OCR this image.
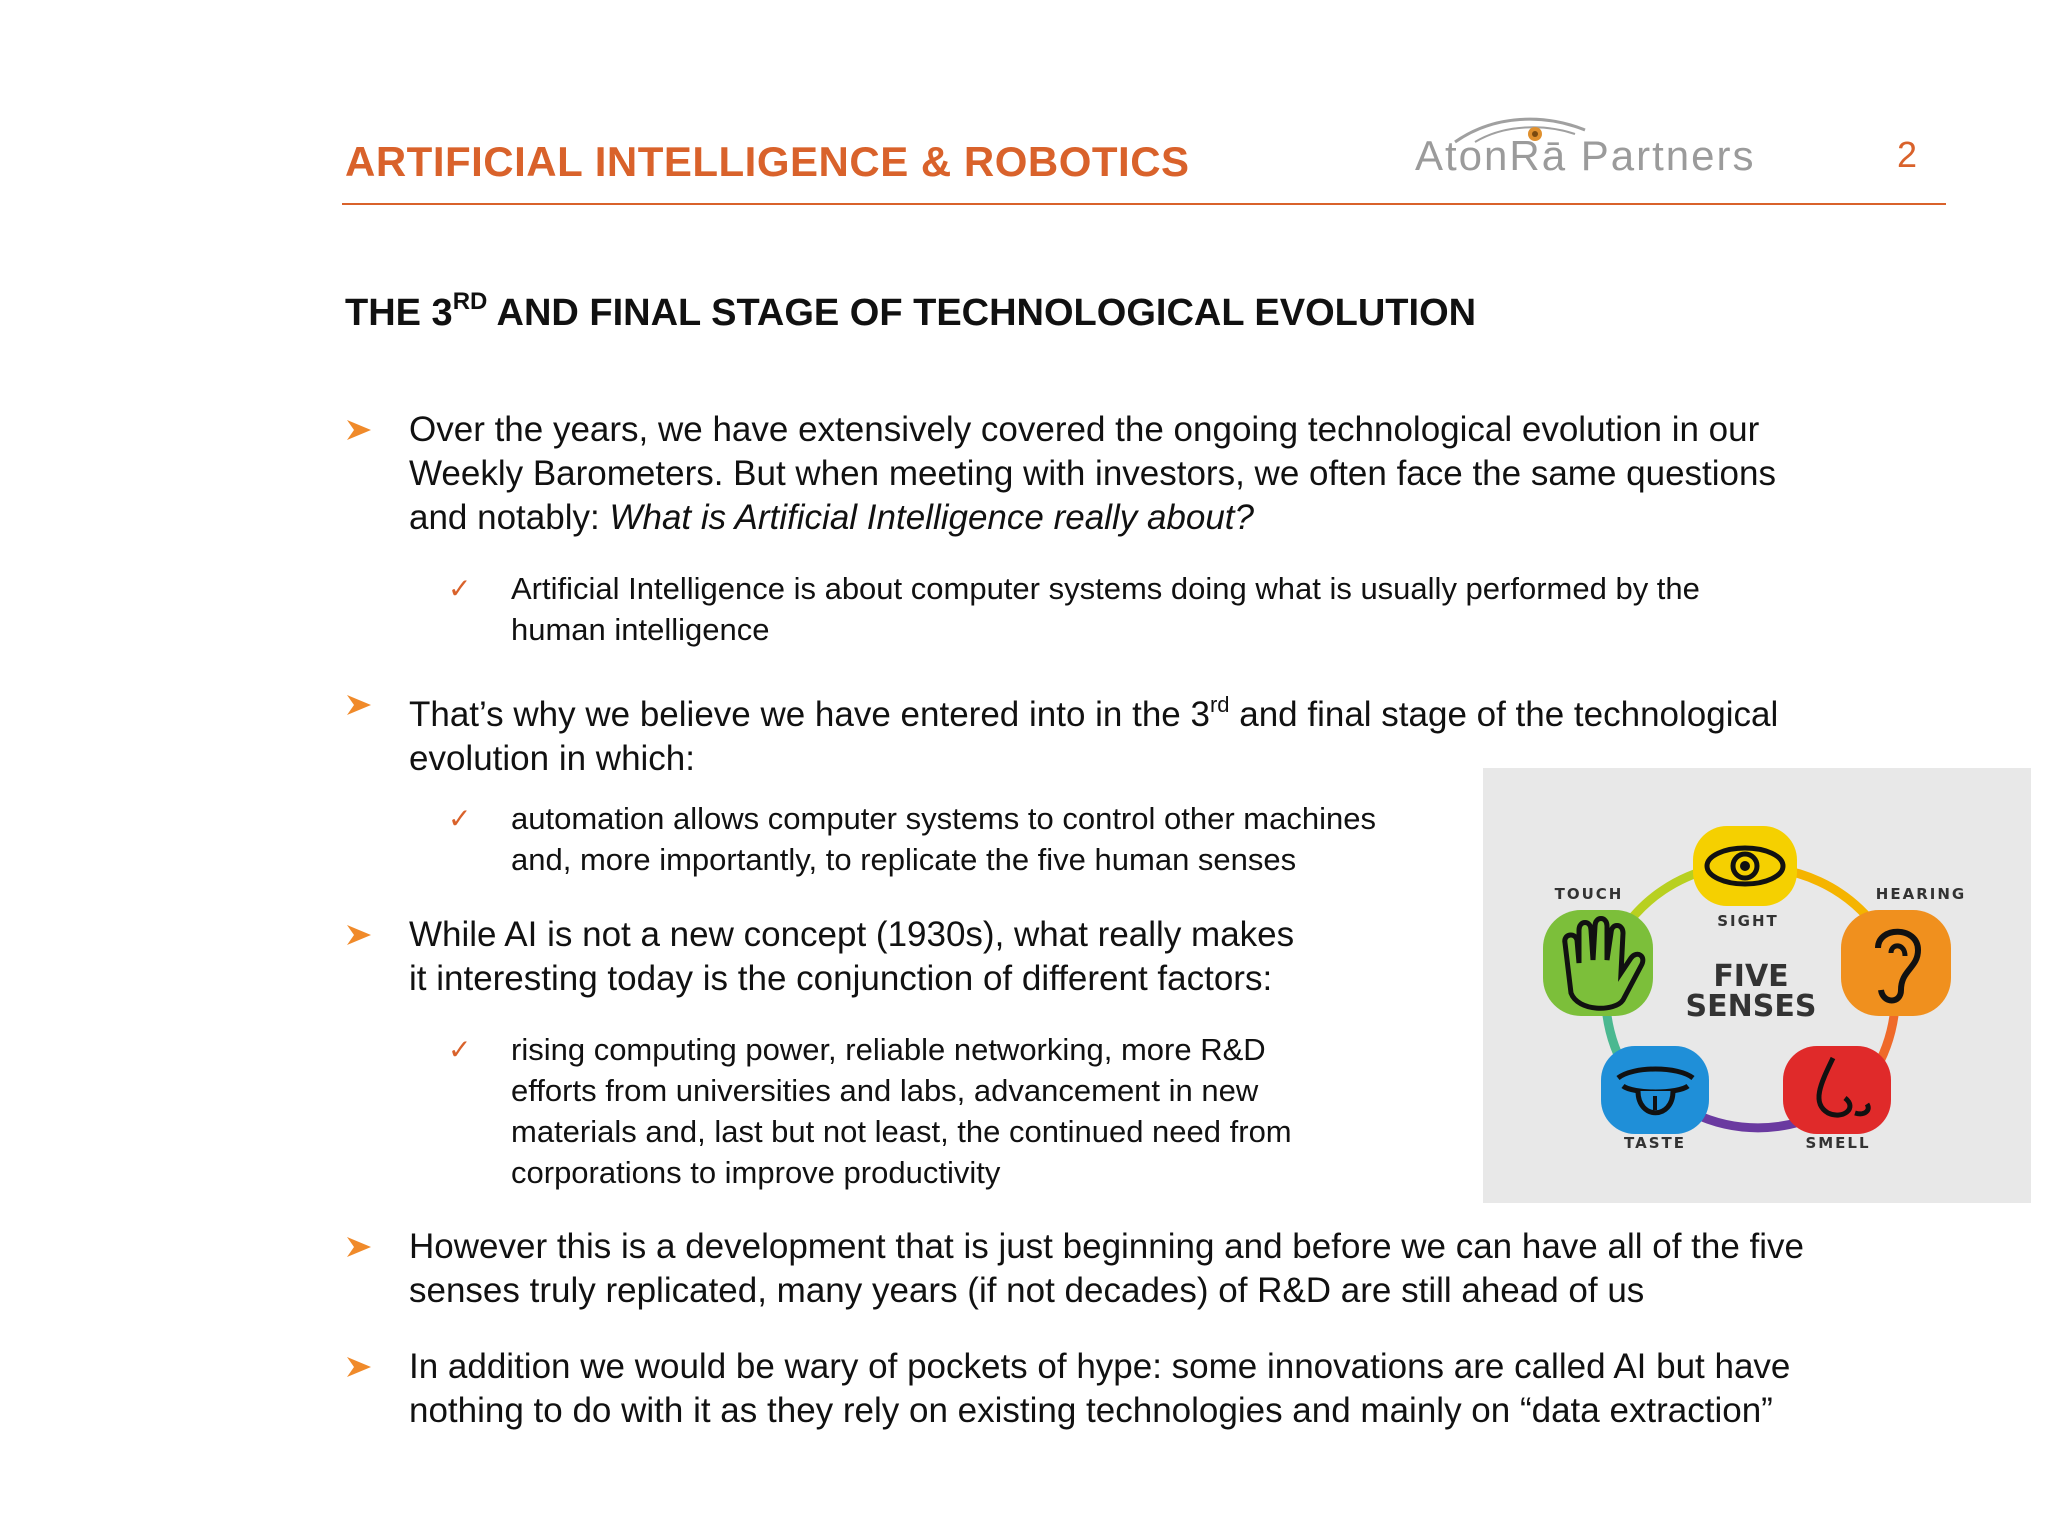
ARTIFICIAL INTELLIGENCE & ROBOTICS	AtonRā Partners	2
THE 3RD AND FINAL STAGE OF TECHNOLOGICAL EVOLUTION
Over the years, we have extensively covered the ongoing technological evolution in our
Weekly Barometers. But when meeting with investors, we often face the same questions
and notably: What is Artificial Intelligence really about?
✓ Artificial Intelligence is about computer systems doing what is usually performed by the
human intelligence
That’s why we believe we have entered into in the 3rd and final stage of the technological
evolution in which:
✓ automation allows computer systems to control other machines
and, more importantly, to replicate the five human senses
While AI is not a new concept (1930s), what really makes
it interesting today is the conjunction of different factors:
✓ rising computing power, reliable networking, more R&D
efforts from universities and labs, advancement in new
materials and, last but not least, the continued need from
corporations to improve productivity
However this is a development that is just beginning and before we can have all of the five
senses truly replicated, many years (if not decades) of R&D are still ahead of us
In addition we would be wary of pockets of hype: some innovations are called AI but have
nothing to do with it as they rely on existing technologies and mainly on “data extraction”
SIGHT
HEARING
TOUCH
TASTE	SMELL
FIVE
SENSES
